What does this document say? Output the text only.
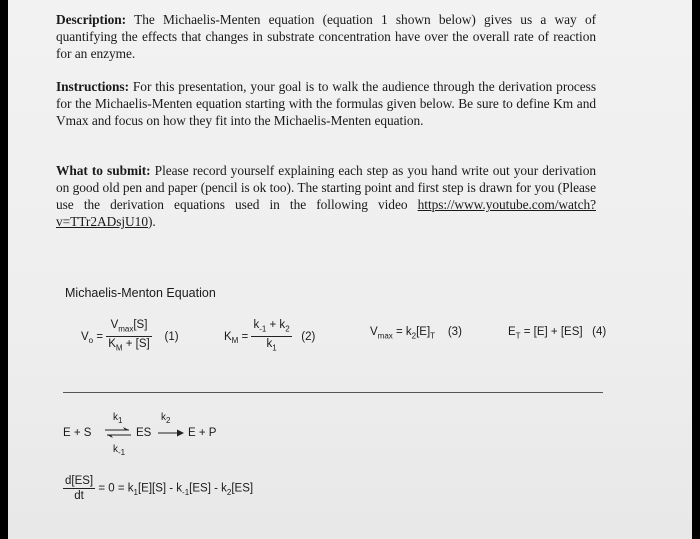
Description: The Michaelis-Menten equation (equation 1 shown below) gives us a way of quantifying the effects that changes in substrate concentration have over the overall rate of reaction for an enzyme.
Instructions: For this presentation, your goal is to walk the audience through the derivation process for the Michaelis-Menten equation starting with the formulas given below. Be sure to define Km and Vmax and focus on how they fit into the Michaelis-Menten equation.
What to submit: Please record yourself explaining each step as you hand write out your derivation on good old pen and paper (pencil is ok too). The starting point and first step is drawn for you (Please use the derivation equations used in the following video https://www.youtube.com/watch?v=TTr2ADsjU10).
Michaelis-Menton Equation
$V_o = \frac{V_{max}[S]}{K_M + [S]} (1)$	$K_M = \frac{k_{-1} + k_2}{k_1} (2)$	$V_{max} = k_2[E]_T$ (3)	$E_T = [E] + [ES]$ (4)
E + S
$k_1$
$k_{-1}$
ES
$k_2$
E + P
$\frac{d[ES]}{dt} = 0 = k_1[E][S] - k_{-1}[ES] - k_2[ES]$
